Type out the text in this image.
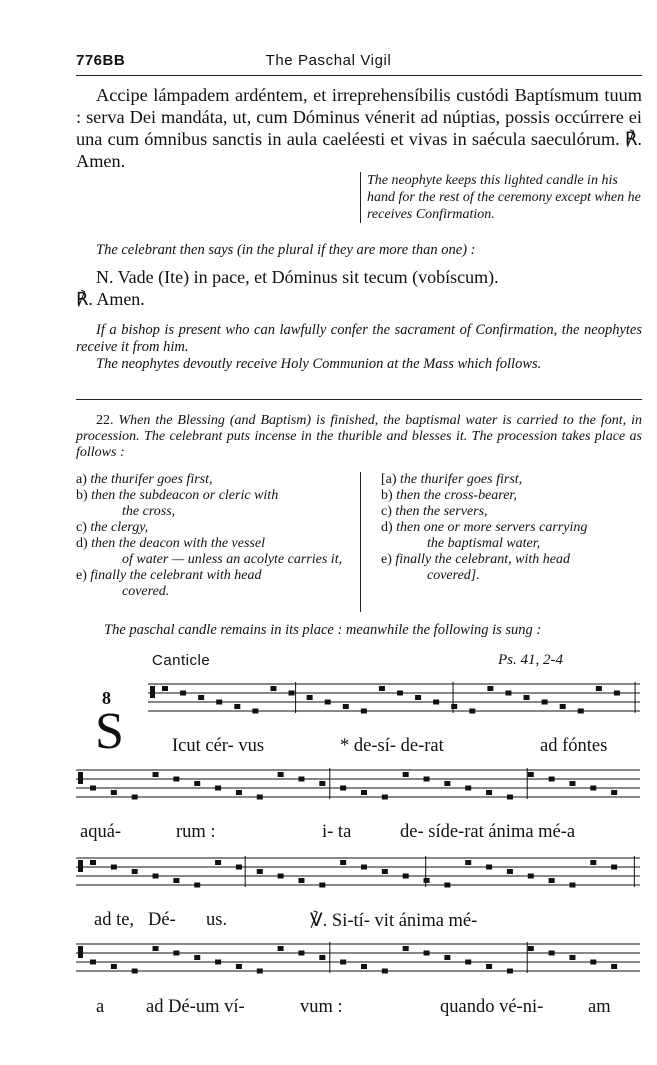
776BB	The Paschal Vigil

Accipe lámpadem ardéntem, et irreprehensíbilis custódi Baptísmum tuum : serva Dei mandáta, ut, cum Dóminus vénerit ad núptias, possis occúrrere ei una cum ómnibus sanctis in aula caeléesti et vivas in saécula saeculórum. ℟. Amen.

The neophyte keeps this lighted candle in his hand for the rest of the ceremony except when he receives Confirmation.

The celebrant then says (in the plural if they are more than one) :

N. Vade (Ite) in pace, et Dóminus sit tecum (vobíscum).

℟. Amen.

If a bishop is present who can lawfully confer the sacrament of Confirmation, the neophytes receive it from him.

The neophytes devoutly receive Holy Communion at the Mass which follows.

22. When the Blessing (and Baptism) is finished, the baptismal water is carried to the font, in procession. The celebrant puts incense in the thurible and blesses it. The procession takes place as follows :

a) the thurifer goes first,

b) then the subdeacon or cleric with
the cross,

c) the clergy,

d) then the deacon with the vessel
of water — unless an acolyte carries it,

e) finally the celebrant with head
covered.

[a) the thurifer goes first,

b) then the cross-bearer,

c) then the servers,

d) then one or more servers carrying
the baptismal water,

e) finally the celebrant, with head
covered].

The paschal candle remains in its place : meanwhile the following is sung :

Canticle	Ps. 41, 2-4
8
S	Icut cér- vus	* de-sí- de-rat	ad fóntes
aquá-	rum :	i- ta	de- síde-rat ánima mé-a
ad te, Dé- us.	℣. Si-tí- vit ánima mé-
a ad Dé-um ví-	vum :	quando vé-ni- am
